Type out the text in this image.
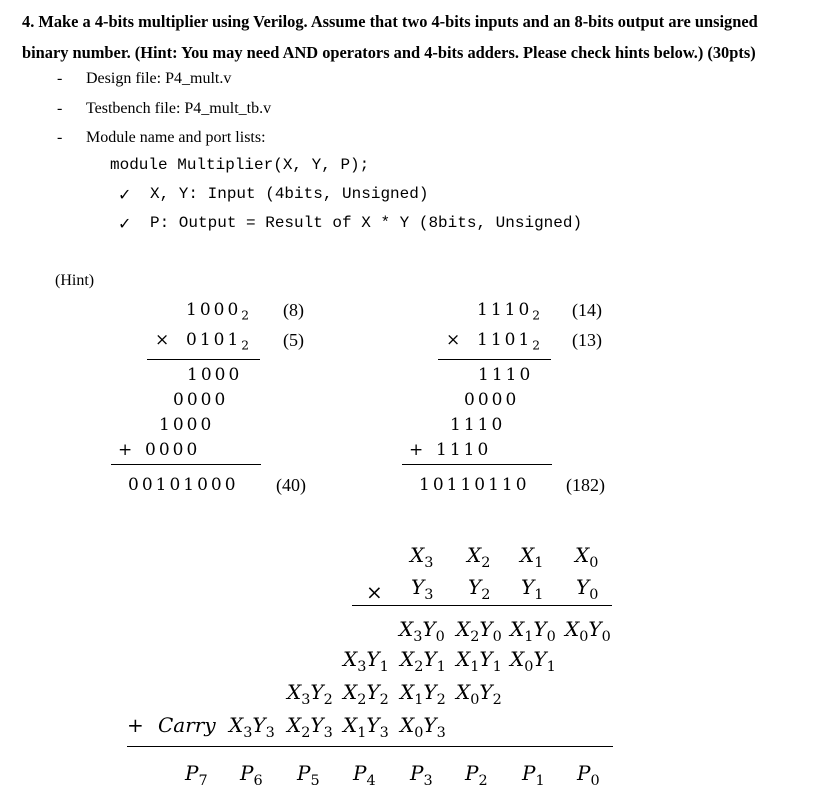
4. Make a 4-bits multiplier using Verilog. Assume that two 4-bits inputs and an 8-bits output are unsigned
binary number. (Hint: You may need AND operators and 4-bits adders. Please check hints below.) (30pts)
- Design file: P4_mult.v
- Testbench file: P4_mult_tb.v
- Module name and port lists:
module Multiplier(X, Y, P);
✓ X, Y: Input (4bits, Unsigned)
✓ P: Output = Result of X * Y (8bits, Unsigned)
(Hint)
$1000_2$ (8)
× $0101_2$ (5)
1000
0000
1000
+ 0000
00101000 (40)
$1110_2$ (14)
× $1101_2$ (13)
1110
0000
1110
+ 1110
10110110 (182)
$X_3$ $X_2$ $X_1$ $X_0$
$Y_3$ $Y_2$ $Y_1$ $Y_0$
$X_3Y_0$ $X_2Y_0$ $X_1Y_0$ $X_0Y_0$
$X_3Y_1$ $X_2Y_1$ $X_1Y_1$ $X_0Y_1$
$X_3Y_2$ $X_2Y_2$ $X_1Y_2$ $X_0Y_2$
$X_3Y_3$ $X_2Y_3$ $X_1Y_3$ $X_0Y_3$
$P_7$ $P_6$ $P_5$ $P_4$ $P_3$ $P_2$ $P_1$ $P_0$
×
+ Carry
